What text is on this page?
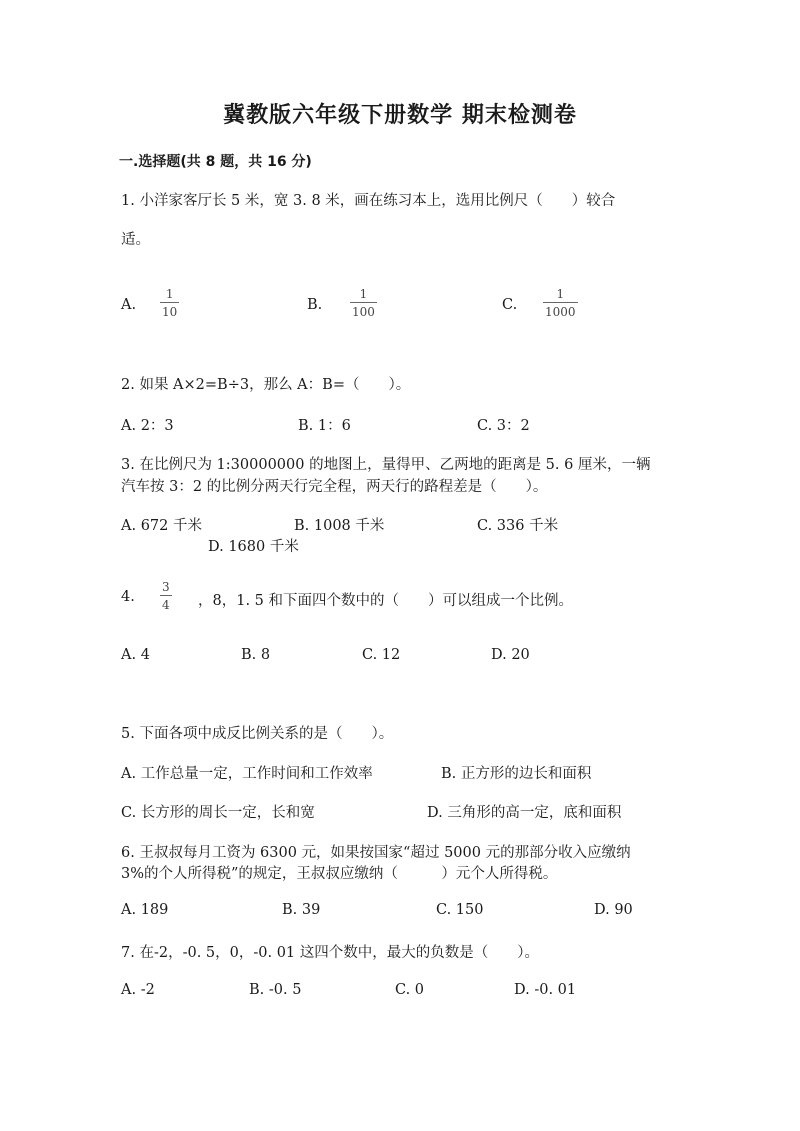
冀教版六年级下册数学 期末检测卷
一.选择题(共 8 题，共 16 分)
1. 小洋家客厅长 5 米，宽 3. 8 米，画在练习本上，选用比例尺（　　）较合
适。
A.
1
10	B.
1
100	C.
1
1000
2. 如果 A×2=B÷3，那么 A：B=（　　）。
A. 2：3	B. 1：6	C. 3：2
3. 在比例尺为 1:30000000 的地图上，量得甲、乙两地的距离是 5. 6 厘米，一辆
汽车按 3：2 的比例分两天行完全程，两天行的路程差是（　　）。
A. 672 千米	B. 1008 千米	C. 336 千米
D. 1680 千米
4.
3
4 ，8，1. 5 和下面四个数中的（　　）可以组成一个比例。
A. 4	B. 8	C. 12	D. 20
5. 下面各项中成反比例关系的是（　　）。
A. 工作总量一定，工作时间和工作效率	B. 正方形的边长和面积
C. 长方形的周长一定，长和宽	D. 三角形的高一定，底和面积
6. 王叔叔每月工资为 6300 元，如果按国家“超过 5000 元的那部分收入应缴纳
3%的个人所得税”的规定，王叔叔应缴纳（　　　）元个人所得税。
A. 189	B. 39	C. 150	D. 90
7. 在-2，-0. 5，0，-0. 01 这四个数中，最大的负数是（　　）。
A. -2	B. -0. 5	C. 0	D. -0. 01
